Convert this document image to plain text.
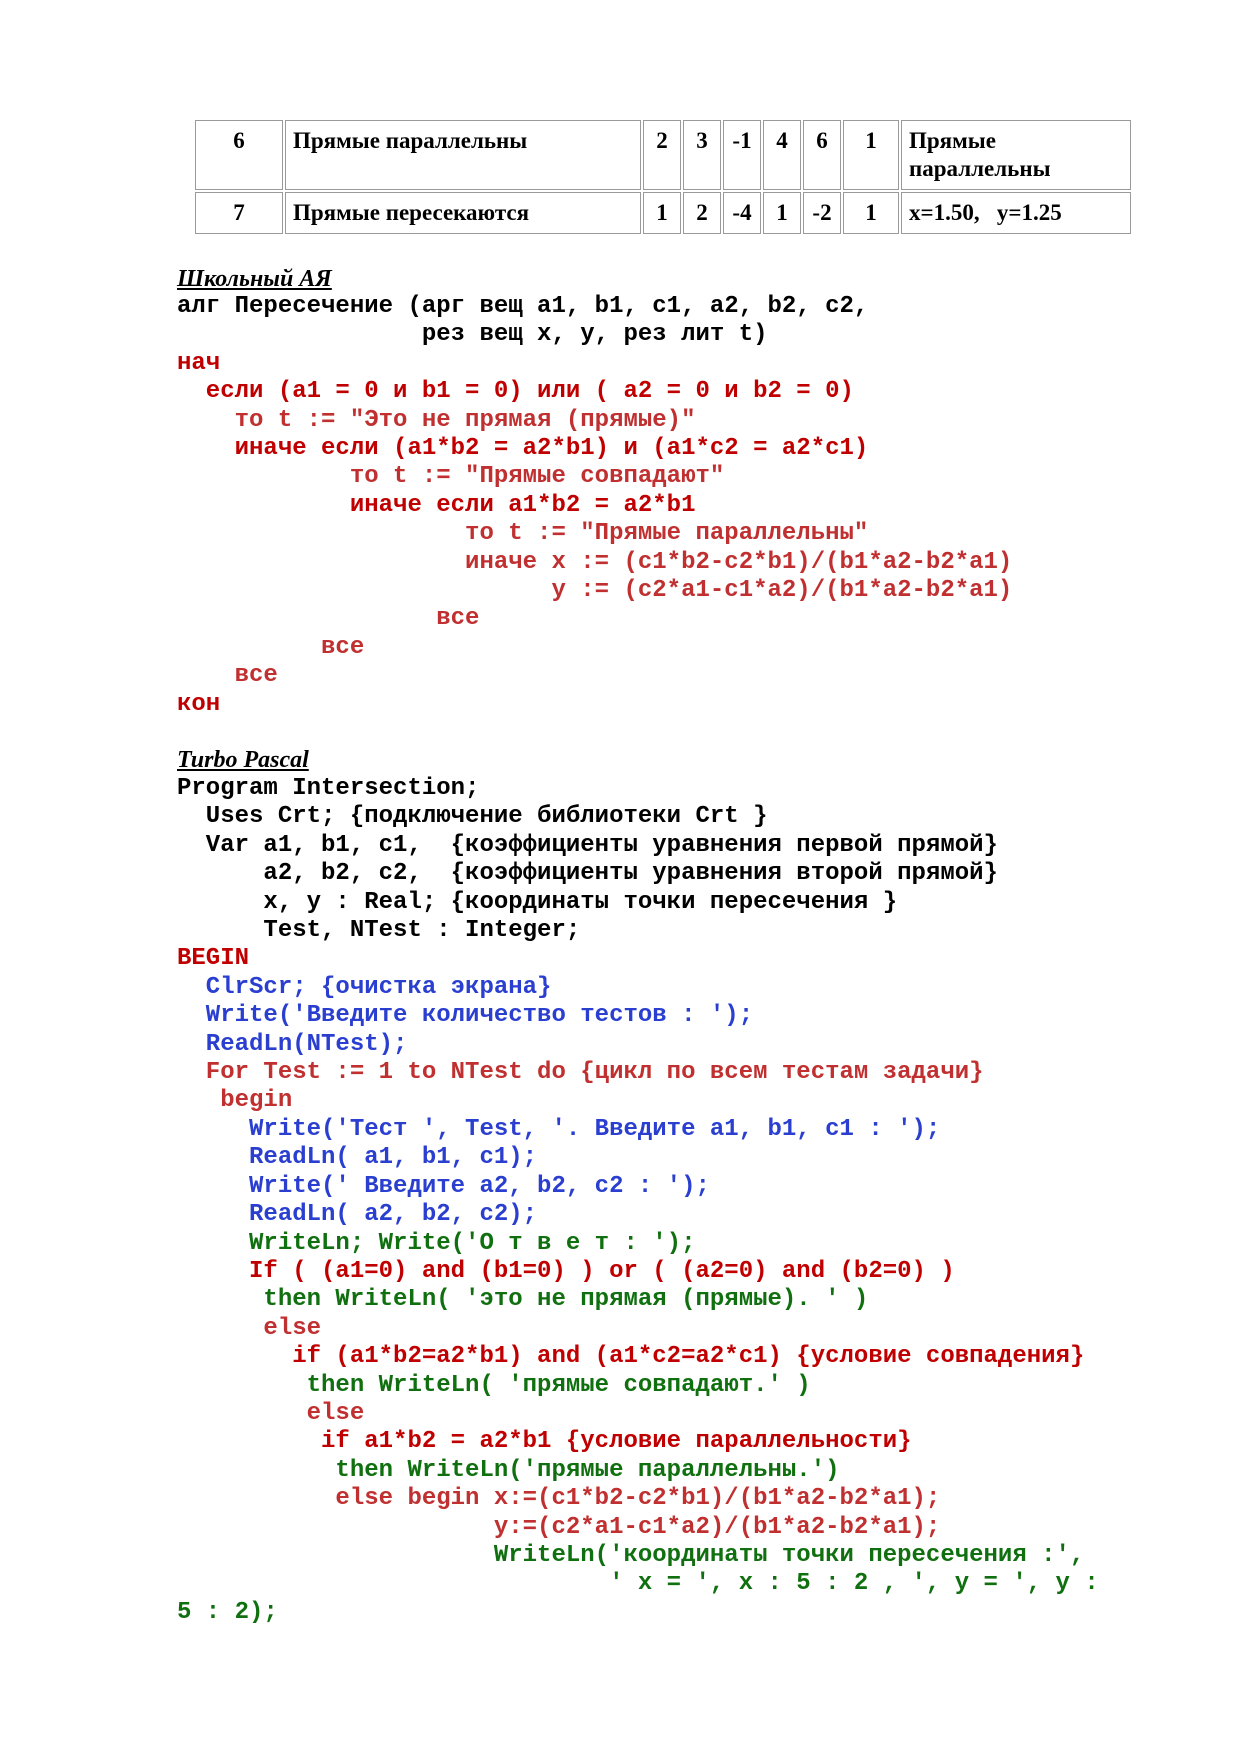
6	Прямые параллельны	2	3	-1	4	6	1	Прямые параллельны
7	Прямые пересекаются	1	2	-4	1	-2	1	x=1.50,   y=1.25

Школьный АЯ

алг Пересечение (арг вещ a1, b1, c1, a2, b2, c2,
рез вещ x, y, рез лит t)
нач
если (a1 = 0 и b1 = 0) или ( a2 = 0 и b2 = 0)
то t := "Это не прямая (прямые)"
иначе если (a1*b2 = a2*b1) и (a1*c2 = a2*c1)
то t := "Прямые совпадают"
иначе если a1*b2 = a2*b1
то t := "Прямые параллельны"
иначе x := (c1*b2-c2*b1)/(b1*a2-b2*a1)
y := (c2*a1-c1*a2)/(b1*a2-b2*a1)
все
все
все
кон

Turbo Pascal

Program Intersection;
Uses Crt; {подключение библиотеки Crt }
Var a1, b1, c1,  {коэффициенты уравнения первой прямой}
a2, b2, c2,  {коэффициенты уравнения второй прямой}
x, y : Real; {координаты точки пересечения }
Test, NTest : Integer;
BEGIN
ClrScr; {очистка экрана}
Write('Введите количество тестов : ');
ReadLn(NTest);
For Test := 1 to NTest do {цикл по всем тестам задачи}
begin
Write('Тест ', Test, '. Введите a1, b1, c1 : ');
ReadLn( a1, b1, c1);
Write(' Введите a2, b2, c2 : ');
ReadLn( a2, b2, c2);
WriteLn; Write('О т в е т : ');
If ( (a1=0) and (b1=0) ) or ( (a2=0) and (b2=0) )
then WriteLn( 'это не прямая (прямые). ' )
else
if (a1*b2=a2*b1) and (a1*c2=a2*c1) {условие совпадения}
then WriteLn( 'прямые совпадают.' )
else
if a1*b2 = a2*b1 {условие параллельности}
then WriteLn('прямые параллельны.')
else begin x:=(c1*b2-c2*b1)/(b1*a2-b2*a1);
y:=(c2*a1-c1*a2)/(b1*a2-b2*a1);
WriteLn('координаты точки пересечения :',
' x = ', x : 5 : 2 , ', y = ', y :
5 : 2);
